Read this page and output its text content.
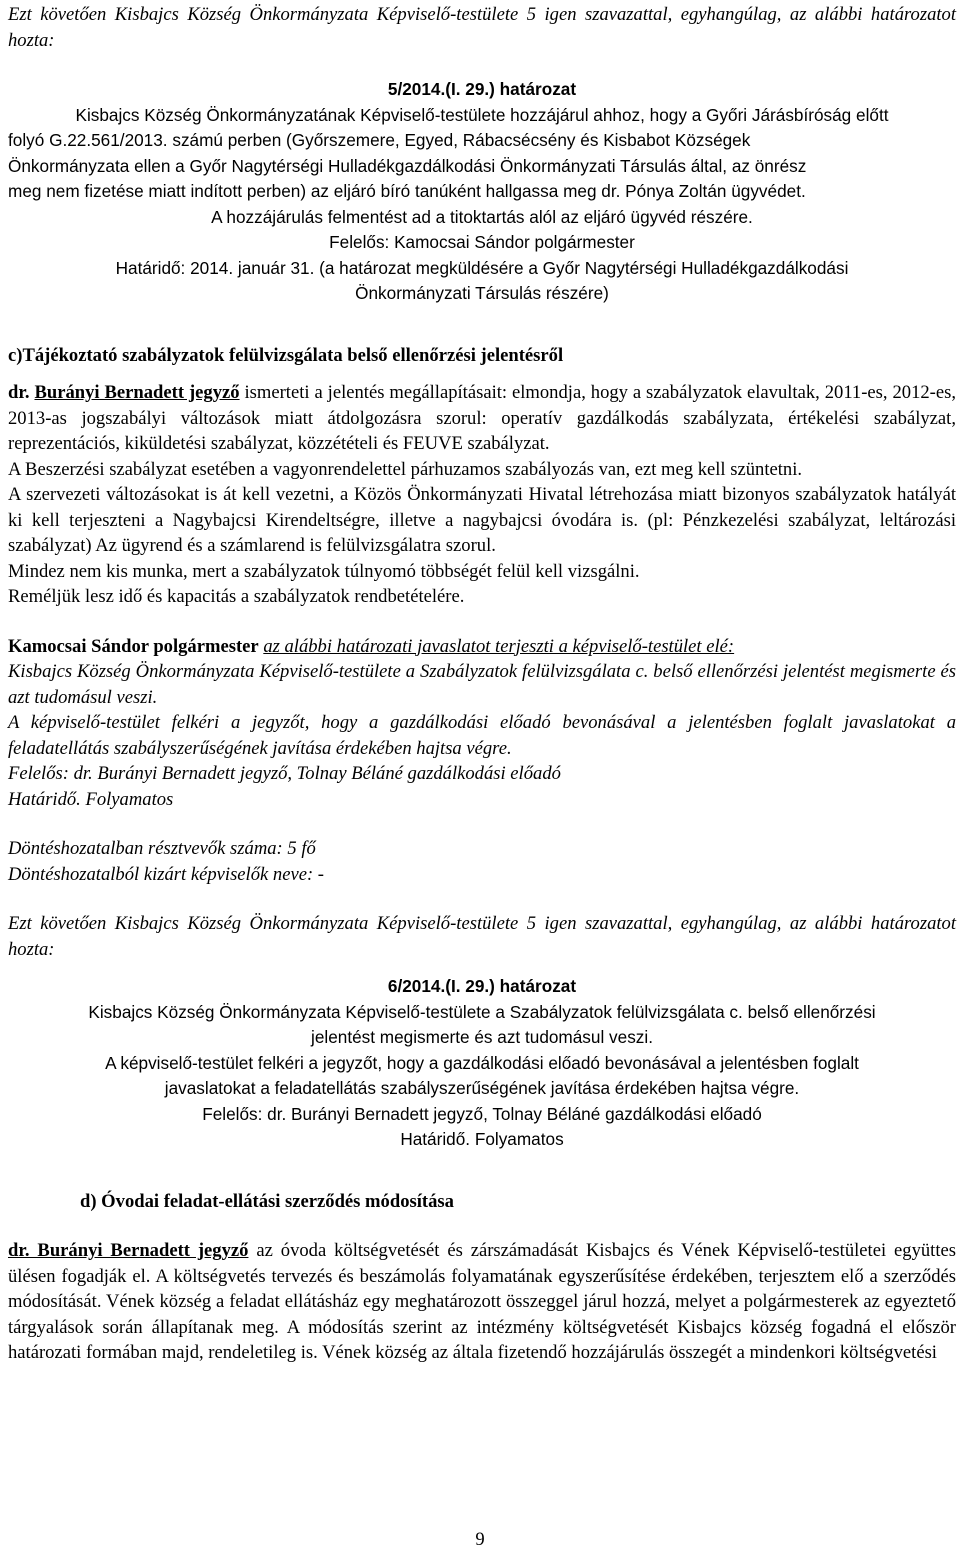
Ezt követően Kisbajcs Község Önkormányzata Képviselő-testülete 5 igen szavazattal, egyhangúlag, az alábbi határozatot hozta:

5/2014.(I. 29.) határozat

Kisbajcs Község Önkormányzatának Képviselő-testülete hozzájárul ahhoz, hogy a Győri Járásbíróság előtt

folyó G.22.561/2013. számú perben (Győrszemere, Egyed, Rábacsécsény és Kisbabot Községek

Önkormányzata ellen a Győr Nagytérségi Hulladékgazdálkodási Önkormányzati Társulás által, az önrész

meg nem fizetése miatt indított perben) az eljáró bíró tanúként hallgassa meg dr. Pónya Zoltán ügyvédet.

A hozzájárulás felmentést ad a titoktartás alól az eljáró ügyvéd részére.

Felelős: Kamocsai Sándor polgármester

Határidő: 2014. január 31. (a határozat megküldésére a Győr Nagytérségi Hulladékgazdálkodási

Önkormányzati Társulás részére)

c)Tájékoztató szabályzatok felülvizsgálata belső ellenőrzési jelentésről

dr. Burányi Bernadett jegyző ismerteti a jelentés megállapításait: elmondja, hogy a szabályzatok elavultak, 2011-es, 2012-es, 2013-as jogszabályi változások miatt átdolgozásra szorul: operatív gazdálkodás szabályzata, értékelési szabályzat, reprezentációs, kiküldetési szabályzat, közzétételi és FEUVE szabályzat.

A Beszerzési szabályzat esetében a vagyonrendelettel párhuzamos szabályozás van, ezt meg kell szüntetni.

A szervezeti változásokat is át kell vezetni, a Közös Önkormányzati Hivatal létrehozása miatt bizonyos szabályzatok hatályát ki kell terjeszteni a Nagybajcsi Kirendeltségre, illetve a nagybajcsi óvodára is. (pl: Pénzkezelési szabályzat, leltározási szabályzat) Az ügyrend és a számlarend is felülvizsgálatra szorul.

Mindez nem kis munka, mert a szabályzatok túlnyomó többségét felül kell vizsgálni.

Reméljük lesz idő és kapacitás a szabályzatok rendbetételére.

Kamocsai Sándor polgármester az alábbi határozati javaslatot terjeszti a képviselő-testület elé:

Kisbajcs Község Önkormányzata Képviselő-testülete a Szabályzatok felülvizsgálata c. belső ellenőrzési jelentést megismerte és azt tudomásul veszi.

A képviselő-testület felkéri a jegyzőt, hogy a gazdálkodási előadó bevonásával a jelentésben foglalt javaslatokat a feladatellátás szabályszerűségének javítása érdekében hajtsa végre.

Felelős: dr. Burányi Bernadett jegyző, Tolnay Béláné gazdálkodási előadó

Határidő. Folyamatos

Döntéshozatalban résztvevők száma: 5 fő

Döntéshozatalból kizárt képviselők neve: -

Ezt követően Kisbajcs Község Önkormányzata Képviselő-testülete 5 igen szavazattal, egyhangúlag, az alábbi határozatot hozta:

6/2014.(I. 29.) határozat

Kisbajcs Község Önkormányzata Képviselő-testülete a Szabályzatok felülvizsgálata c. belső ellenőrzési

jelentést megismerte és azt tudomásul veszi.

A képviselő-testület felkéri a jegyzőt, hogy a gazdálkodási előadó bevonásával a jelentésben foglalt

javaslatokat a feladatellátás szabályszerűségének javítása érdekében hajtsa végre.

Felelős: dr. Burányi Bernadett jegyző, Tolnay Béláné gazdálkodási előadó

Határidő. Folyamatos

d) Óvodai feladat-ellátási szerződés módosítása

dr. Burányi Bernadett jegyző az óvoda költségvetését és zárszámadását Kisbajcs és Vének Képviselő-testületei együttes ülésen fogadják el. A költségvetés tervezés és beszámolás folyamatának egyszerűsítése érdekében, terjesztem elő a szerződés módosítását. Vének község a feladat ellátásház egy meghatározott összeggel járul hozzá, melyet a polgármesterek az egyeztető tárgyalások során állapítanak meg. A módosítás szerint az intézmény költségvetését Kisbajcs község fogadná el először határozati formában majd, rendeletileg is. Vének község az általa fizetendő hozzájárulás összegét a mindenkori költségvetési

9
